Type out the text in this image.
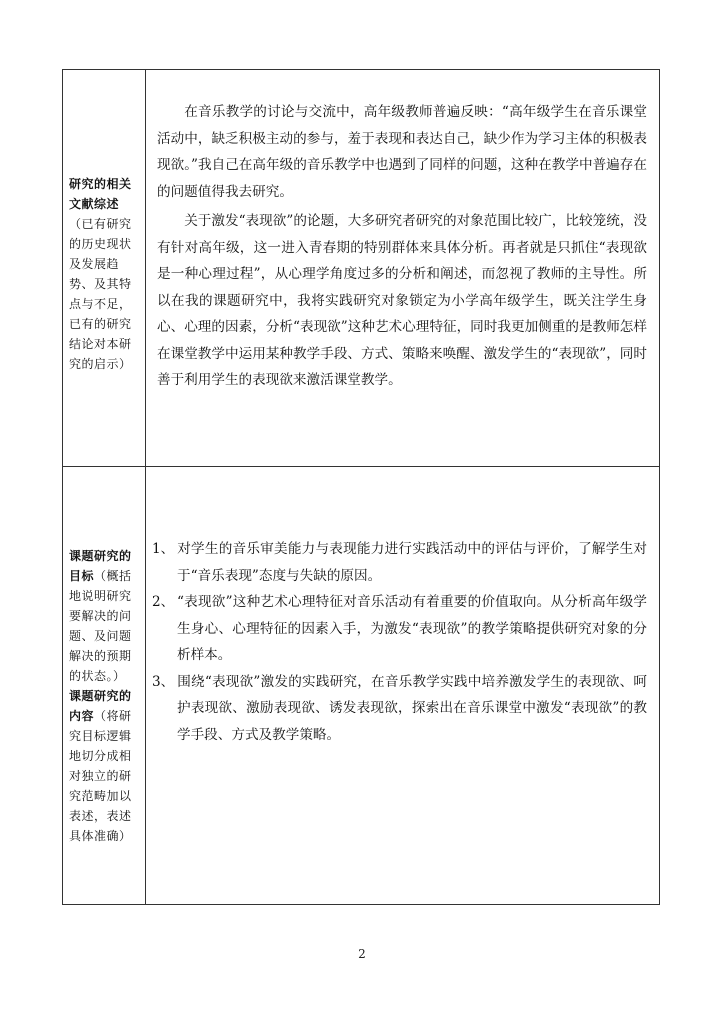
研究的相关文献综述（已有研究的历史现状及发展趋势、及其特点与不足，已有的研究结论对本研究的启示）

在音乐教学的讨论与交流中，高年级教师普遍反映：“高年级学生在音乐课堂活动中，缺乏积极主动的参与，羞于表现和表达自己，缺少作为学习主体的积极表现欲。”我自己在高年级的音乐教学中也遇到了同样的问题，这种在教学中普遍存在的问题值得我去研究。

关于激发“表现欲”的论题，大多研究者研究的对象范围比较广，比较笼统，没有针对高年级，这一进入青春期的特别群体来具体分析。再者就是只抓住“表现欲是一种心理过程”，从心理学角度过多的分析和阐述，而忽视了教师的主导性。所以在我的课题研究中，我将实践研究对象锁定为小学高年级学生，既关注学生身心、心理的因素，分析“表现欲”这种艺术心理特征，同时我更加侧重的是教师怎样在课堂教学中运用某种教学手段、方式、策略来唤醒、激发学生的“表现欲”，同时善于利用学生的表现欲来激活课堂教学。

课题研究的目标（概括地说明研究要解决的问题、及问题解决的预期的状态。）

课题研究的内容（将研究目标逻辑地切分成相对独立的研究范畴加以表述，表述具体准确）

1、 对学生的音乐审美能力与表现能力进行实践活动中的评估与评价，了解学生对于“音乐表现”态度与失缺的原因。

2、 “表现欲”这种艺术心理特征对音乐活动有着重要的价值取向。从分析高年级学生身心、心理特征的因素入手，为激发“表现欲”的教学策略提供研究对象的分析样本。

3、 围绕“表现欲”激发的实践研究，在音乐教学实践中培养激发学生的表现欲、呵护表现欲、激励表现欲、诱发表现欲，探索出在音乐课堂中激发“表现欲”的教学手段、方式及教学策略。

2
